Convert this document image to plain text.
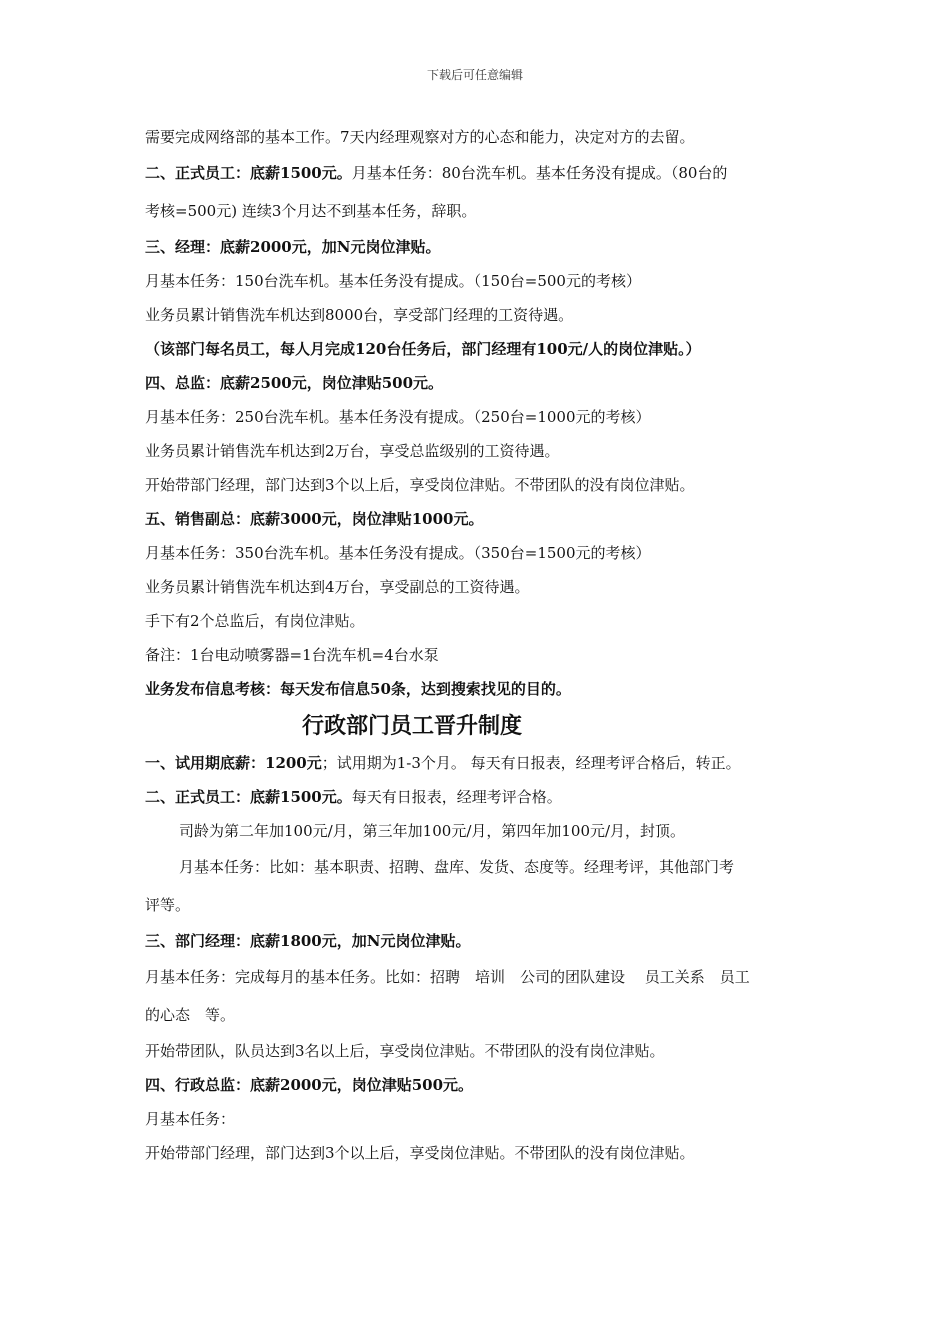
下载后可任意编辑
需要完成网络部的基本工作。7天内经理观察对方的心态和能力，决定对方的去留。
二、正式员工：底薪1500元。月基本任务：80台洗车机。基本任务没有提成。（80台的
考核=500元) 连续3个月达不到基本任务，辞职。
三、经理：底薪2000元，加N元岗位津贴。
月基本任务：150台洗车机。基本任务没有提成。（150台=500元的考核）
业务员累计销售洗车机达到8000台，享受部门经理的工资待遇。
（该部门每名员工，每人月完成120台任务后，部门经理有100元/人的岗位津贴。）
四、总监：底薪2500元，岗位津贴500元。
月基本任务：250台洗车机。基本任务没有提成。（250台=1000元的考核）
业务员累计销售洗车机达到2万台，享受总监级别的工资待遇。
开始带部门经理，部门达到3个以上后，享受岗位津贴。不带团队的没有岗位津贴。
五、销售副总：底薪3000元，岗位津贴1000元。
月基本任务：350台洗车机。基本任务没有提成。（350台=1500元的考核）
业务员累计销售洗车机达到4万台，享受副总的工资待遇。
手下有2个总监后，有岗位津贴。
备注：1台电动喷雾器=1台洗车机=4台水泵
业务发布信息考核：每天发布信息50条，达到搜索找见的目的。
行政部门员工晋升制度
一、试用期底薪：1200元；试用期为1-3个月。 每天有日报表，经理考评合格后，转正。
二、正式员工：底薪1500元。每天有日报表，经理考评合格。
司龄为第二年加100元/月，第三年加100元/月，第四年加100元/月，封顶。
月基本任务：比如：基本职责、招聘、盘库、发货、态度等。经理考评，其他部门考
评等。
三、部门经理：底薪1800元，加N元岗位津贴。
月基本任务：完成每月的基本任务。比如：招聘　培训　公司的团队建设　 员工关系　员工
的心态　等。
开始带团队，队员达到3名以上后，享受岗位津贴。不带团队的没有岗位津贴。
四、行政总监：底薪2000元，岗位津贴500元。
月基本任务：
开始带部门经理，部门达到3个以上后，享受岗位津贴。不带团队的没有岗位津贴。
